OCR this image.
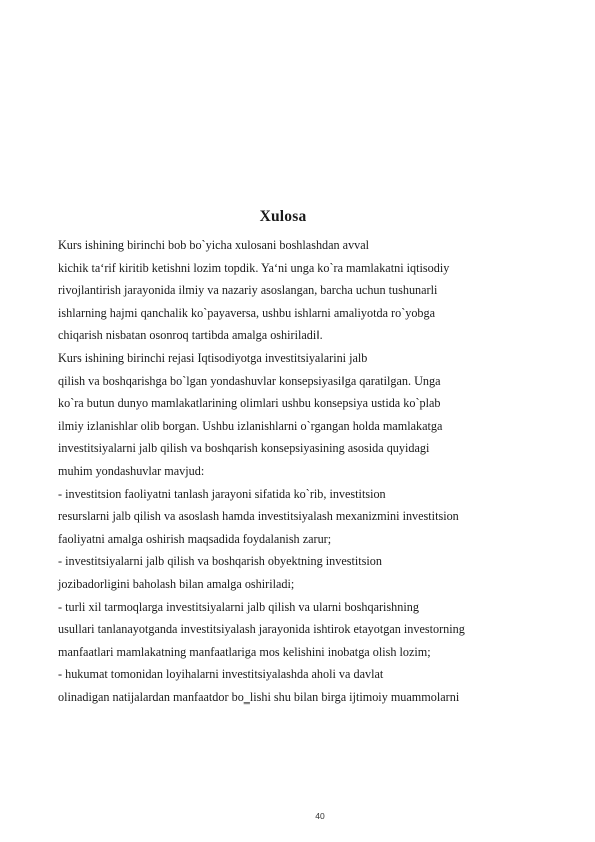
Xulosa

Kurs ishining birinchi bob bo`yicha xulosani boshlashdan avval

kichik ta‘rif kiritib ketishni lozim topdik. Ya‘ni unga ko`ra mamlakatni iqtisodiy

rivojlantirish jarayonida ilmiy va nazariy asoslangan, barcha uchun tushunarli

ishlarning hajmi qanchalik ko`payaversa, ushbu ishlarni amaliyotda ro`yobga

chiqarish nisbatan osonroq tartibda amalga oshiriladi‖.

Kurs ishining birinchi rejasi Iqtisodiyotga investitsiyalarini jalb

qilish va boshqarishga bo`lgan yondashuvlar konsepsiyasi‖ga qaratilgan. Unga

ko`ra butun dunyo mamlakatlarining olimlari ushbu konsepsiya ustida ko`plab

ilmiy izlanishlar olib borgan. Ushbu izlanishlarni o`rgangan holda mamlakatga

investitsiyalarni jalb qilish va boshqarish konsepsiyasining asosida quyidagi

muhim yondashuvlar mavjud:

- investitsion faoliyatni tanlash jarayoni sifatida ko`rib, investitsion

resurslarni jalb qilish va asoslash hamda investitsiyalash mexanizmini investitsion

faoliyatni amalga oshirish maqsadida foydalanish zarur;

- investitsiyalarni jalb qilish va boshqarish obyektning investitsion

jozibadorligini baholash bilan amalga oshiriladi;

- turli xil tarmoqlarga investitsiyalarni jalb qilish va ularni boshqarishning

usullari tanlanayotganda investitsiyalash jarayonida ishtirok etayotgan investorning

manfaatlari mamlakatning manfaatlariga mos kelishini inobatga olish lozim;

- hukumat tomonidan loyihalarni investitsiyalashda aholi va davlat

olinadigan natijalardan manfaatdor bo‗lishi shu bilan birga ijtimoiy muammolarni

40
